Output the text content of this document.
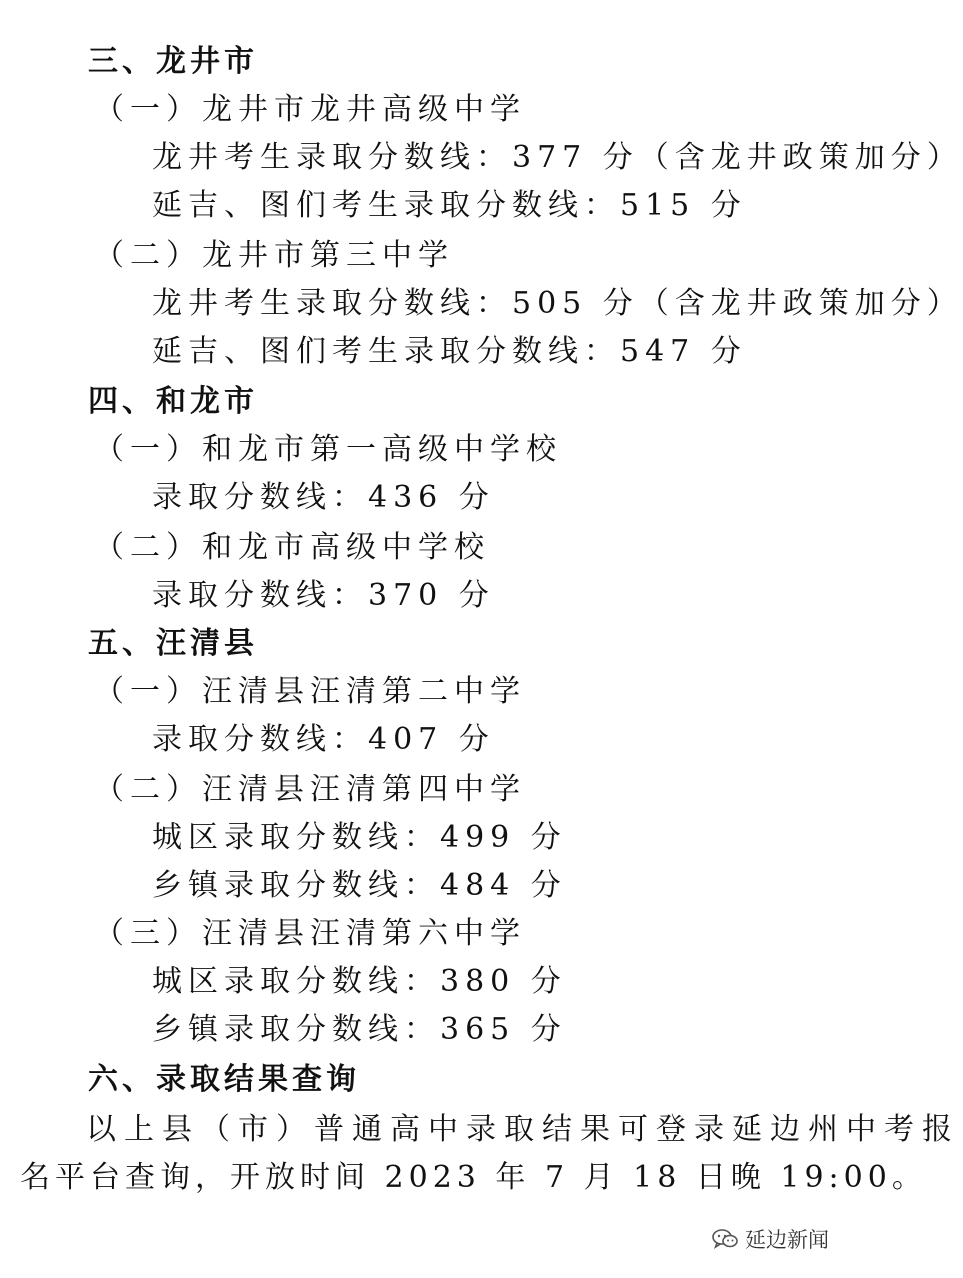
三、龙井市
（一）龙井市龙井高级中学
龙井考生录取分数线：377 分（含龙井政策加分）
延吉、图们考生录取分数线：515 分
（二）龙井市第三中学
龙井考生录取分数线：505 分（含龙井政策加分）
延吉、图们考生录取分数线：547 分
四、和龙市
（一）和龙市第一高级中学校
录取分数线：436 分
（二）和龙市高级中学校
录取分数线：370 分
五、汪清县
（一）汪清县汪清第二中学
录取分数线：407 分
（二）汪清县汪清第四中学
城区录取分数线：499 分
乡镇录取分数线：484 分
（三）汪清县汪清第六中学
城区录取分数线：380 分
乡镇录取分数线：365 分
六、录取结果查询
以上县（市）普通高中录取结果可登录延边州中考报
名平台查询，开放时间 2023 年 7 月 18 日晚 19:00。
延边新闻
